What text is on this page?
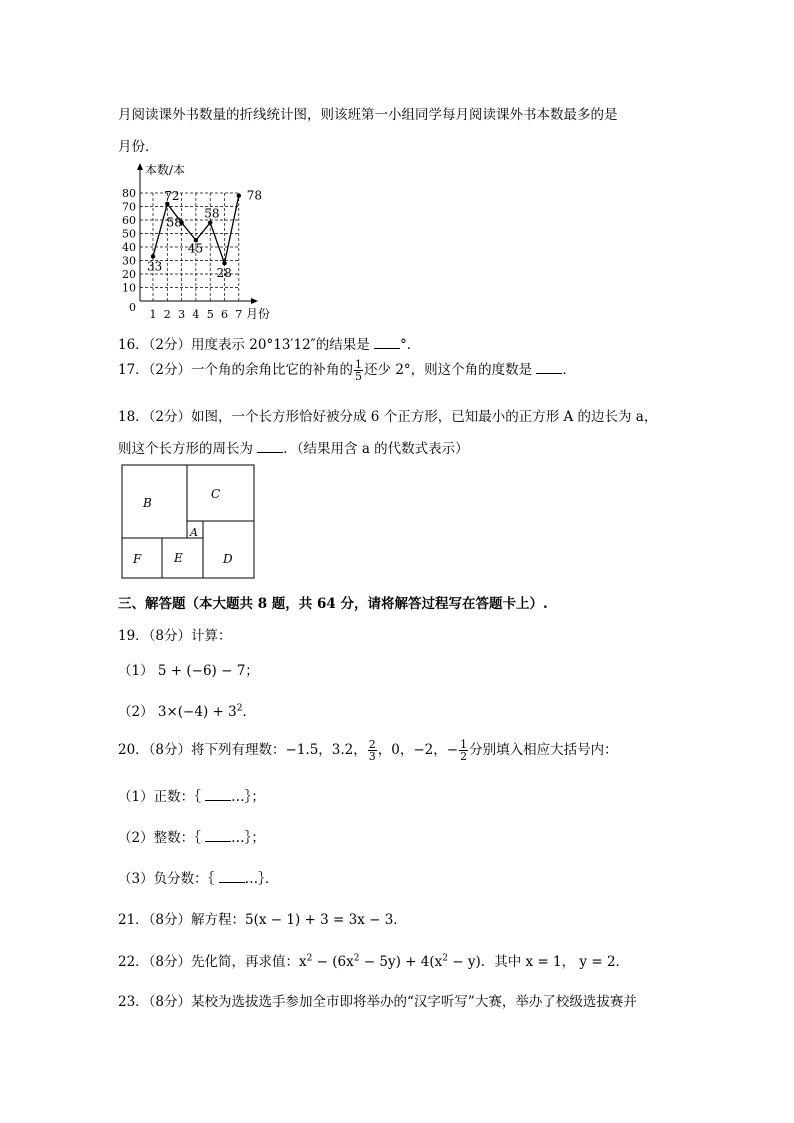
月阅读课外书数量的折线统计图，则该班第一小组同学每月阅读课外书本数最多的是
月份．
本数/本
月份
0
10
20
30
40
50
60
70
80
1 2 3 4 5 6 7
33
72
58
45
58
28
78
16．（2分）用度表示 20°13′12″的结果是 °．
17．（2分）一个角的余角比它的补角的 $\frac{1}{5}$ 还少 2°，则这个角的度数是 ．
18．（2分）如图，一个长方形恰好被分成 6 个正方形，已知最小的正方形 A 的边长为 a，
则这个长方形的周长为 ．（结果用含 a 的代数式表示）
B
C
A
F	E	D
三、解答题（本大题共 8 题，共 64 分，请将解答过程写在答题卡上）.
19．（8分）计算：
（1） 5 + (−6) − 7；
（2） $3\times(-4) + 3^2$．
20．（8分）将下列有理数：−1.5，3.2， $\frac{2}{3}$ ，0，−2，− $\frac{1}{2}$ 分别填入相应大括号内：
（1）正数：｛ …｝；
（2）整数：｛ …｝；
（3）负分数：｛ …｝．
21．（8分）解方程：5(x − 1) + 3 = 3x − 3．
22．（8分）先化简，再求值：$x^2 - (6x^2 - 5y) + 4(x^2 - y)$．其中 x = 1， y = 2．
23．（8分）某校为选拔选手参加全市即将举办的“汉字听写”大赛，举办了校级选拔赛并
